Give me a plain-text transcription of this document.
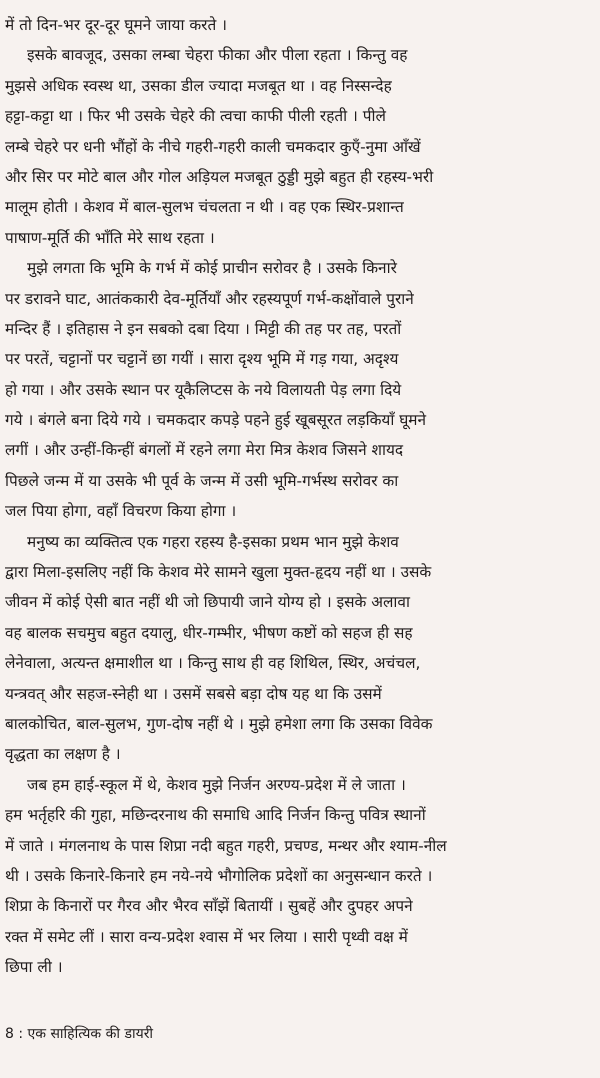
में तो दिन-भर दूर-दूर घूमने जाया करते ।

इसके बावजूद, उसका लम्बा चेहरा फीका और पीला रहता । किन्तु वह
मुझसे अधिक स्वस्थ था, उसका डील ज्यादा मजबूत था । वह निस्सन्देह
हट्टा-कट्टा था । फिर भी उसके चेहरे की त्वचा काफी पीली रहती । पीले
लम्बे चेहरे पर धनी भौंहों के नीचे गहरी-गहरी काली चमकदार कुएँ-नुमा आँखें
और सिर पर मोटे बाल और गोल अड़ियल मजबूत ठुड्डी मुझे बहुत ही रहस्य-भरी
मालूम होती । केशव में बाल-सुलभ चंचलता न थी । वह एक स्थिर-प्रशान्त
पाषाण-मूर्ति की भाँति मेरे साथ रहता ।

मुझे लगता कि भूमि के गर्भ में कोई प्राचीन सरोवर है । उसके किनारे
पर डरावने घाट, आतंककारी देव-मूर्तियाँ और रहस्यपूर्ण गर्भ-कक्षोंवाले पुराने
मन्दिर हैं । इतिहास ने इन सबको दबा दिया । मिट्टी की तह पर तह, परतों
पर परतें, चट्टानों पर चट्टानें छा गयीं । सारा दृश्य भूमि में गड़ गया, अदृश्य
हो गया । और उसके स्थान पर यूकैलिप्टस के नये विलायती पेड़ लगा दिये
गये । बंगले बना दिये गये । चमकदार कपड़े पहने हुई खूबसूरत लड़कियाँ घूमने
लगीं । और उन्हीं-किन्हीं बंगलों में रहने लगा मेरा मित्र केशव जिसने शायद
पिछले जन्म में या उसके भी पूर्व के जन्म में उसी भूमि-गर्भस्थ सरोवर का
जल पिया होगा, वहाँ विचरण किया होगा ।

मनुष्य का व्यक्तित्व एक गहरा रहस्य है-इसका प्रथम भान मुझे केशव
द्वारा मिला-इसलिए नहीं कि केशव मेरे सामने खुला मुक्त-हृदय नहीं था । उसके
जीवन में कोई ऐसी बात नहीं थी जो छिपायी जाने योग्य हो । इसके अलावा
वह बालक सचमुच बहुत दयालु, धीर-गम्भीर, भीषण कष्टों को सहज ही सह
लेनेवाला, अत्यन्त क्षमाशील था । किन्तु साथ ही वह शिथिल, स्थिर, अचंचल,
यन्त्रवत् और सहज-स्नेही था । उसमें सबसे बड़ा दोष यह था कि उसमें
बालकोचित, बाल-सुलभ, गुण-दोष नहीं थे । मुझे हमेशा लगा कि उसका विवेक
वृद्धता का लक्षण है ।

जब हम हाई-स्कूल में थे, केशव मुझे निर्जन अरण्य-प्रदेश में ले जाता ।
हम भर्तृहरि की गुहा, मछिन्दरनाथ की समाधि आदि निर्जन किन्तु पवित्र स्थानों
में जाते । मंगलनाथ के पास शिप्रा नदी बहुत गहरी, प्रचण्ड, मन्थर और श्याम-नील
थी । उसके किनारे-किनारे हम नये-नये भौगोलिक प्रदेशों का अनुसन्धान करते ।
शिप्रा के किनारों पर गैरव और भैरव साँझें बितायीं । सुबहें और दुपहर अपने
रक्त में समेट लीं । सारा वन्य-प्रदेश श्वास में भर लिया । सारी पृथ्वी वक्ष में
छिपा ली ।

8 : एक साहित्यिक की डायरी
